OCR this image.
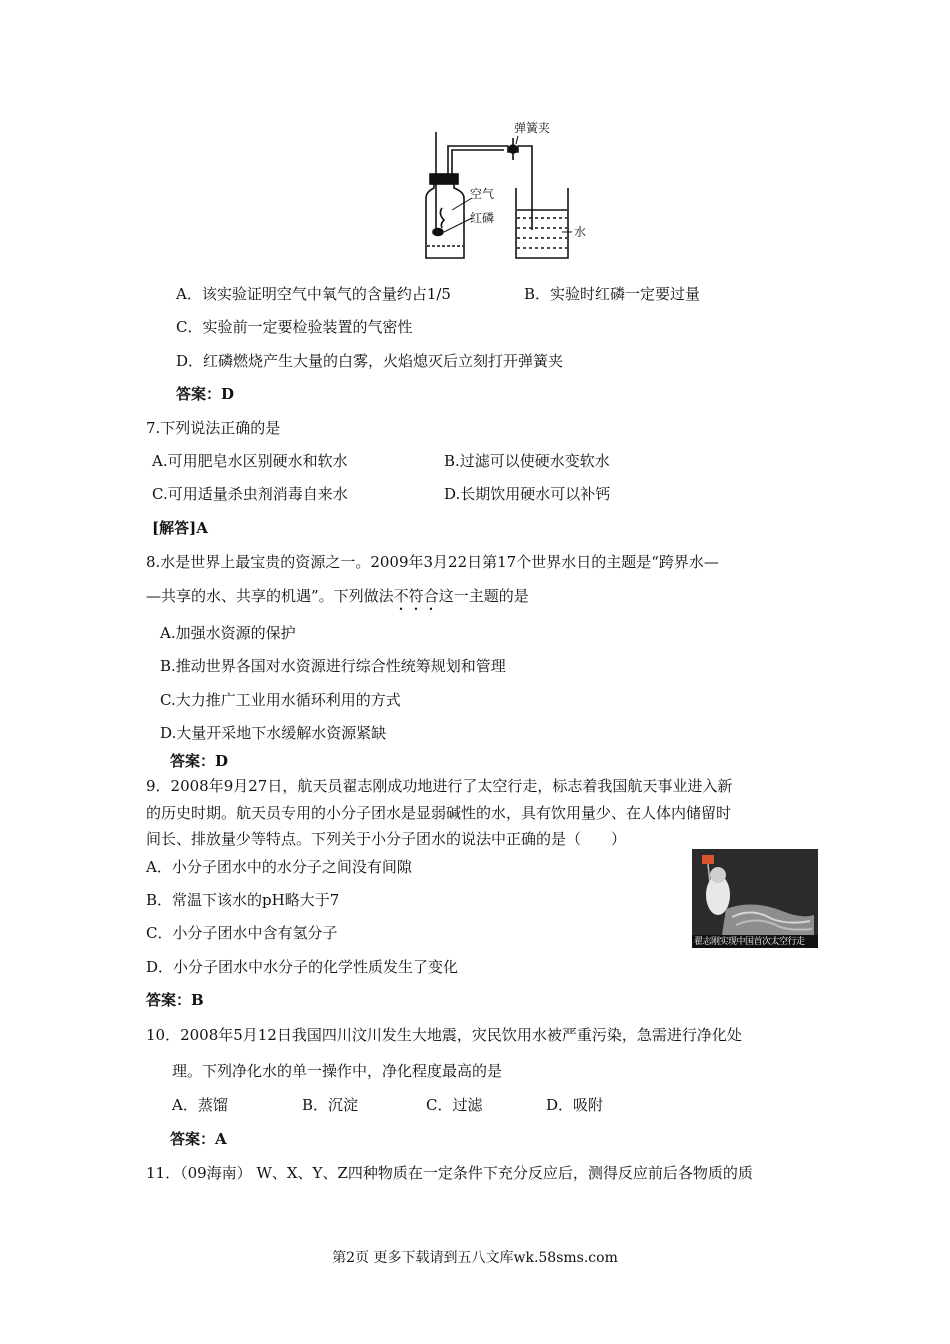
弹簧夹
空气
红磷
水
A．该实验证明空气中氧气的含量约占1/5	B．实验时红磷一定要过量
C．实验前一定要检验装置的气密性
D．红磷燃烧产生大量的白雾，火焰熄灭后立刻打开弹簧夹
答案：D
7.下列说法正确的是
A.可用肥皂水区别硬水和软水	B.过滤可以使硬水变软水
C.可用适量杀虫剂消毒自来水	D.长期饮用硬水可以补钙
[解答]A
8.水是世界上最宝贵的资源之一。2009年3月22日第17个世界水日的主题是“跨界水—
—共享的水、共享的机遇”。下列做法不符合这一主题的是
A.加强水资源的保护
B.推动世界各国对水资源进行综合性统筹规划和管理
C.大力推广工业用水循环利用的方式
D.大量开采地下水缓解水资源紧缺
答案：D
9．2008年9月27日，航天员翟志刚成功地进行了太空行走，标志着我国航天事业进入新
的历史时期。航天员专用的小分子团水是显弱碱性的水，具有饮用量少、在人体内储留时
间长、排放量少等特点。下列关于小分子团水的说法中正确的是（　　）
A．小分子团水中的水分子之间没有间隙
B．常温下该水的pH略大于7
C．小分子团水中含有氢分子
D．小分子团水中水分子的化学性质发生了变化
答案：B
翟志刚实现中国首次太空行走
10．2008年5月12日我国四川汶川发生大地震，灾民饮用水被严重污染，急需进行净化处
理。下列净化水的单一操作中，净化程度最高的是
A．蒸馏	B．沉淀	C．过滤	D．吸附
答案：A
11．（09海南） W、X、Y、Z四种物质在一定条件下充分反应后，测得反应前后各物质的质
第2页 更多下载请到五八文库wk.58sms.com
